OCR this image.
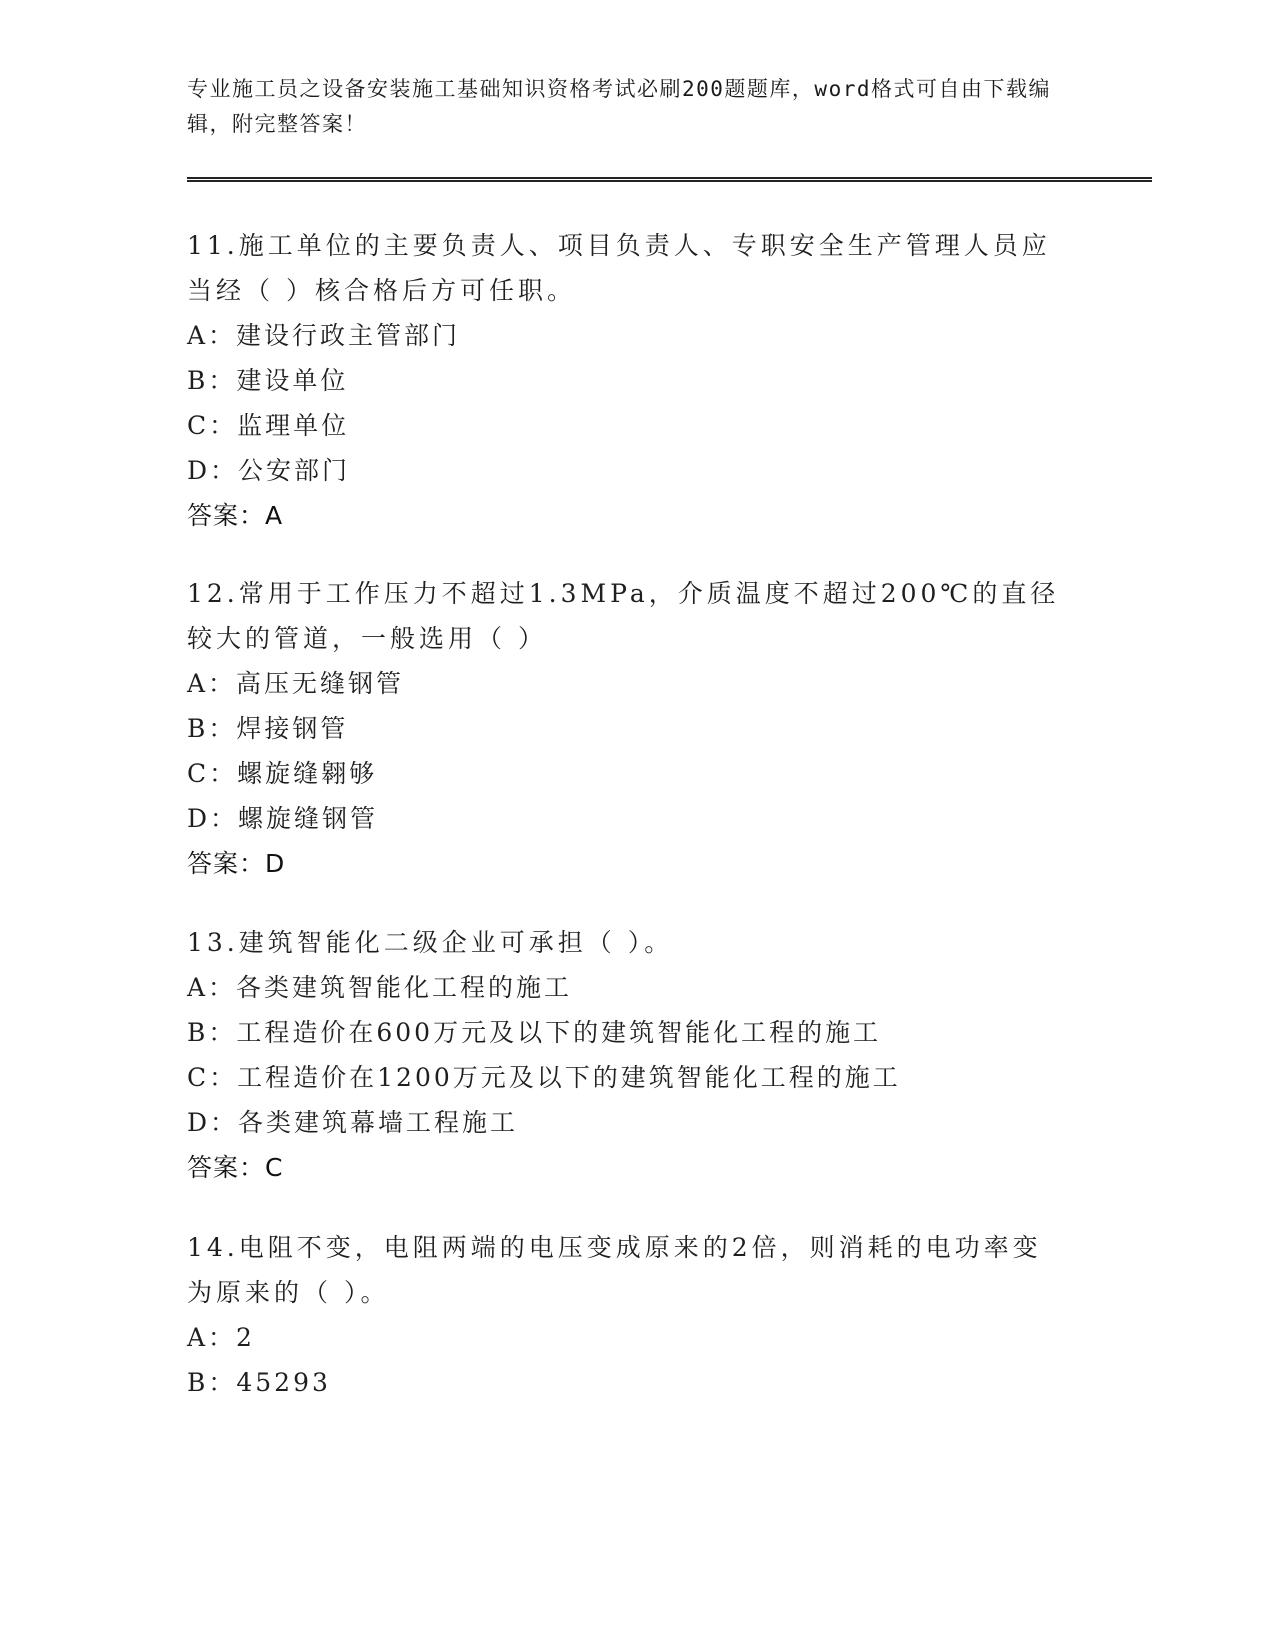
专业施工员之设备安装施工基础知识资格考试必刷200题题库，word格式可自由下载编辑，附完整答案！

11.施工单位的主要负责人、项目负责人、专职安全生产管理人员应当经（ ）核合格后方可任职。

A：建设行政主管部门

B：建设单位

C：监理单位

D：公安部门

答案：A

12.常用于工作压力不超过1.3MPa，介质温度不超过200℃的直径较大的管道，一般选用（ ）

A：高压无缝钢管

B：焊接钢管

C：螺旋缝翱够

D：螺旋缝钢管

答案：D

13.建筑智能化二级企业可承担（ ）。

A：各类建筑智能化工程的施工

B：工程造价在600万元及以下的建筑智能化工程的施工

C：工程造价在1200万元及以下的建筑智能化工程的施工

D：各类建筑幕墙工程施工

答案：C

14.电阻不变，电阻两端的电压变成原来的2倍，则消耗的电功率变为原来的（ ）。

A：2

B：45293
